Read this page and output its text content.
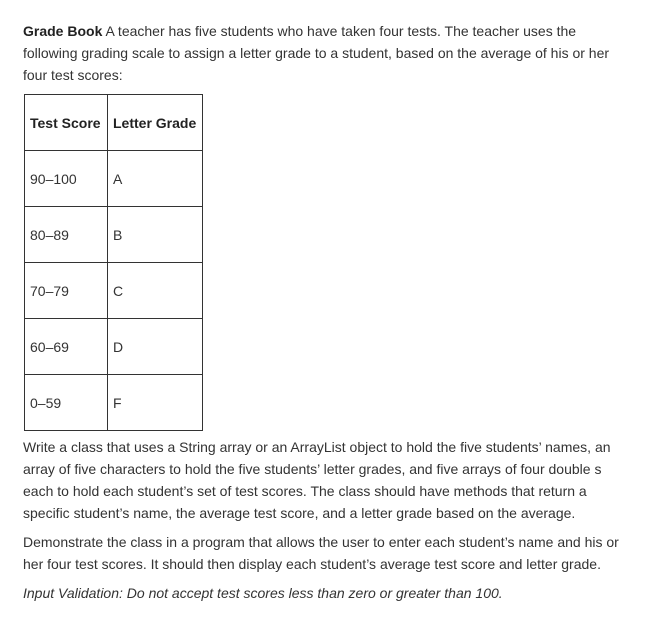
Grade Book A teacher has five students who have taken four tests. The teacher uses the following grading scale to assign a letter grade to a student, based on the average of his or her four test scores:

Test Score	Letter Grade
90–100	A
80–89	B
70–79	C
60–69	D
0–59	F

Write a class that uses a String array or an ArrayList object to hold the five students’ names, an array of five characters to hold the five students’ letter grades, and five arrays of four double s each to hold each student’s set of test scores. The class should have methods that return a specific student’s name, the average test score, and a letter grade based on the average.

Demonstrate the class in a program that allows the user to enter each student’s name and his or her four test scores. It should then display each student’s average test score and letter grade.

Input Validation: Do not accept test scores less than zero or greater than 100.
